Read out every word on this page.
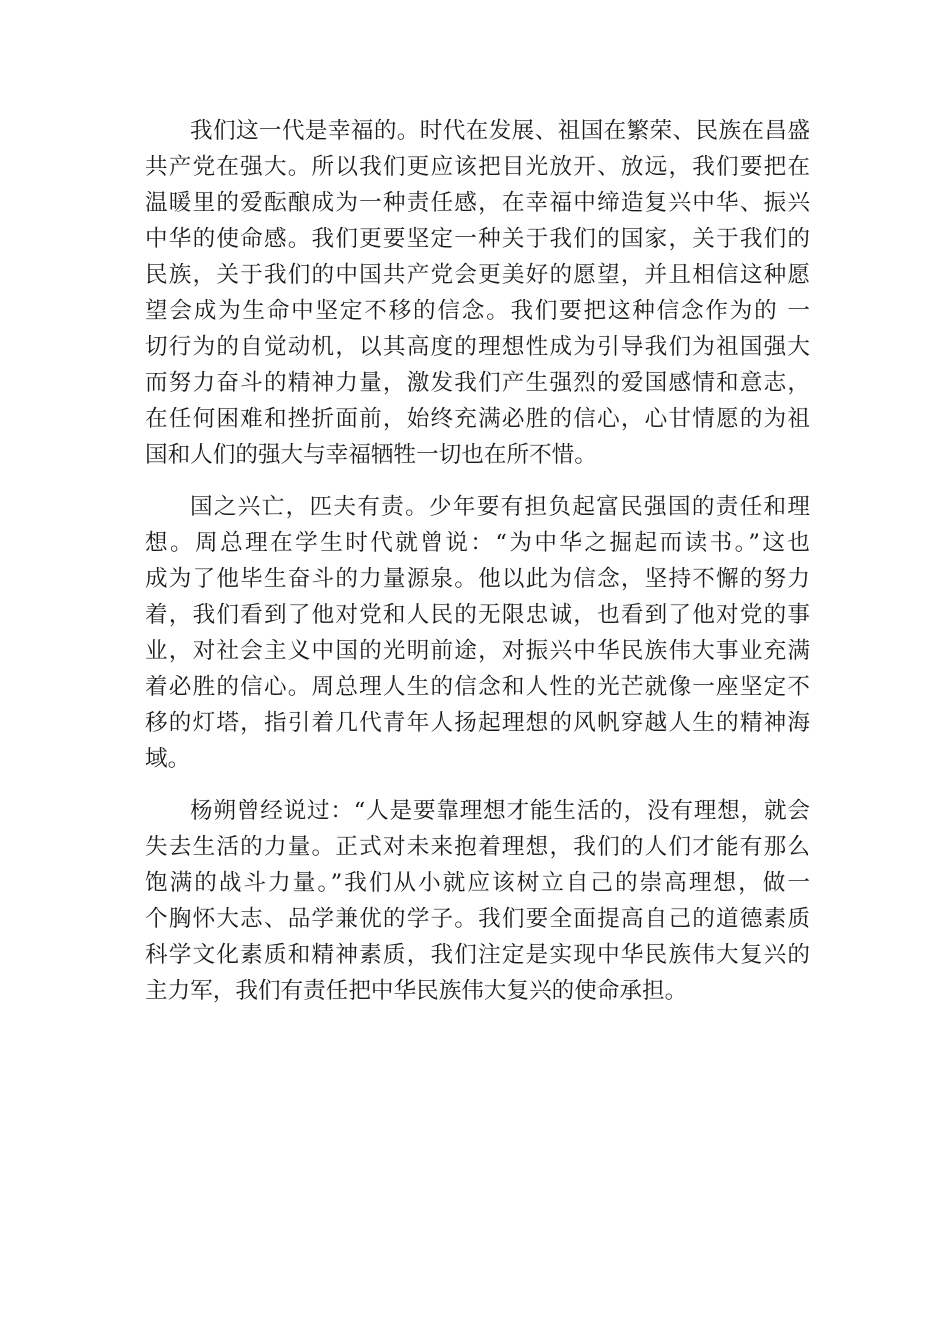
我们这一代是幸福的。时代在发展、祖国在繁荣、民族在昌盛
共产党在强大。所以我们更应该把目光放开、放远，我们要把在
温暖里的爱酝酿成为一种责任感，在幸福中缔造复兴中华、振兴
中华的使命感。我们更要坚定一种关于我们的国家，关于我们的
民族，关于我们的中国共产党会更美好的愿望，并且相信这种愿
望会成为生命中坚定不移的信念。我们要把这种信念作为的 一
切行为的自觉动机，以其高度的理想性成为引导我们为祖国强大
而努力奋斗的精神力量，激发我们产生强烈的爱国感情和意志，
在任何困难和挫折面前，始终充满必胜的信心，心甘情愿的为祖
国和人们的强大与幸福牺牲一切也在所不惜。
国之兴亡，匹夫有责。少年要有担负起富民强国的责任和理
想。周总理在学生时代就曾说：“为中华之掘起而读书。”这也
成为了他毕生奋斗的力量源泉。他以此为信念，坚持不懈的努力
着，我们看到了他对党和人民的无限忠诚，也看到了他对党的事
业，对社会主义中国的光明前途，对振兴中华民族伟大事业充满
着必胜的信心。周总理人生的信念和人性的光芒就像一座坚定不
移的灯塔，指引着几代青年人扬起理想的风帆穿越人生的精神海
域。
杨朔曾经说过：“人是要靠理想才能生活的，没有理想，就会
失去生活的力量。正式对未来抱着理想，我们的人们才能有那么
饱满的战斗力量。”我们从小就应该树立自己的崇高理想，做一
个胸怀大志、品学兼优的学子。我们要全面提高自己的道德素质
科学文化素质和精神素质，我们注定是实现中华民族伟大复兴的
主力军，我们有责任把中华民族伟大复兴的使命承担。
